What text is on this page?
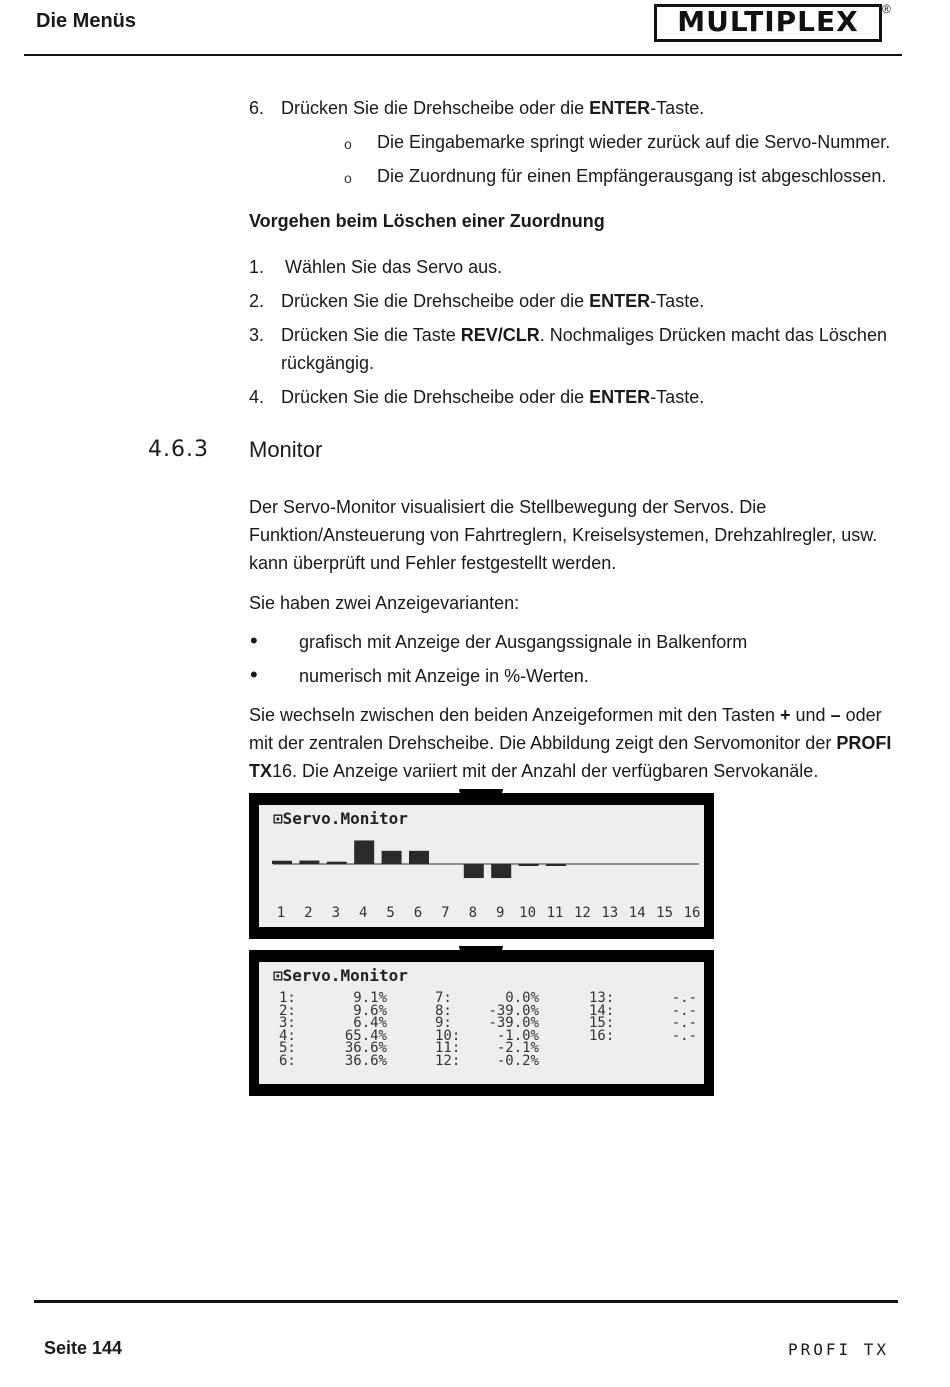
Die Menüs	MULTIPLEX	®
6. Drücken Sie die Drehscheibe oder die ENTER-Taste.
o Die Eingabemarke springt wieder zurück auf die Servo-Nummer.
o Die Zuordnung für einen Empfängerausgang ist abgeschlossen.
Vorgehen beim Löschen einer Zuordnung
1. Wählen Sie das Servo aus.
2. Drücken Sie die Drehscheibe oder die ENTER-Taste.
3. Drücken Sie die Taste REV/CLR. Nochmaliges Drücken macht das Löschen
rückgängig.
4. Drücken Sie die Drehscheibe oder die ENTER-Taste.
4.6.3 Monitor
Der Servo-Monitor visualisiert die Stellbewegung der Servos. Die
Funktion/Ansteuerung von Fahrtreglern, Kreiselsystemen, Drehzahlregler, usw.
kann überprüft und Fehler festgestellt werden.
Sie haben zwei Anzeigevarianten:
• grafisch mit Anzeige der Ausgangssignale in Balkenform
• numerisch mit Anzeige in %-Werten.
Sie wechseln zwischen den beiden Anzeigeformen mit den Tasten + und – oder
mit der zentralen Drehscheibe. Die Abbildung zeigt den Servomonitor der PROFI
TX16. Die Anzeige variiert mit der Anzahl der verfügbaren Servokanäle.
⊡Servo.Monitor
1 2 3 4 5 6 7 8 9 10 11 12 13 14 15 16
⊡Servo.Monitor
1:	9.1%
2:	9.6%
3:	6.4%
4:	65.4%
5:	36.6%
6:	36.6%
7:	0.0%
8:	-39.0%
9:	-39.0%
10:	-1.0%
11:	-2.1%
12:	-0.2%
13:	-.-
14:	-.-
15:	-.-
16:	-.-
Seite 144	PROFI TX
